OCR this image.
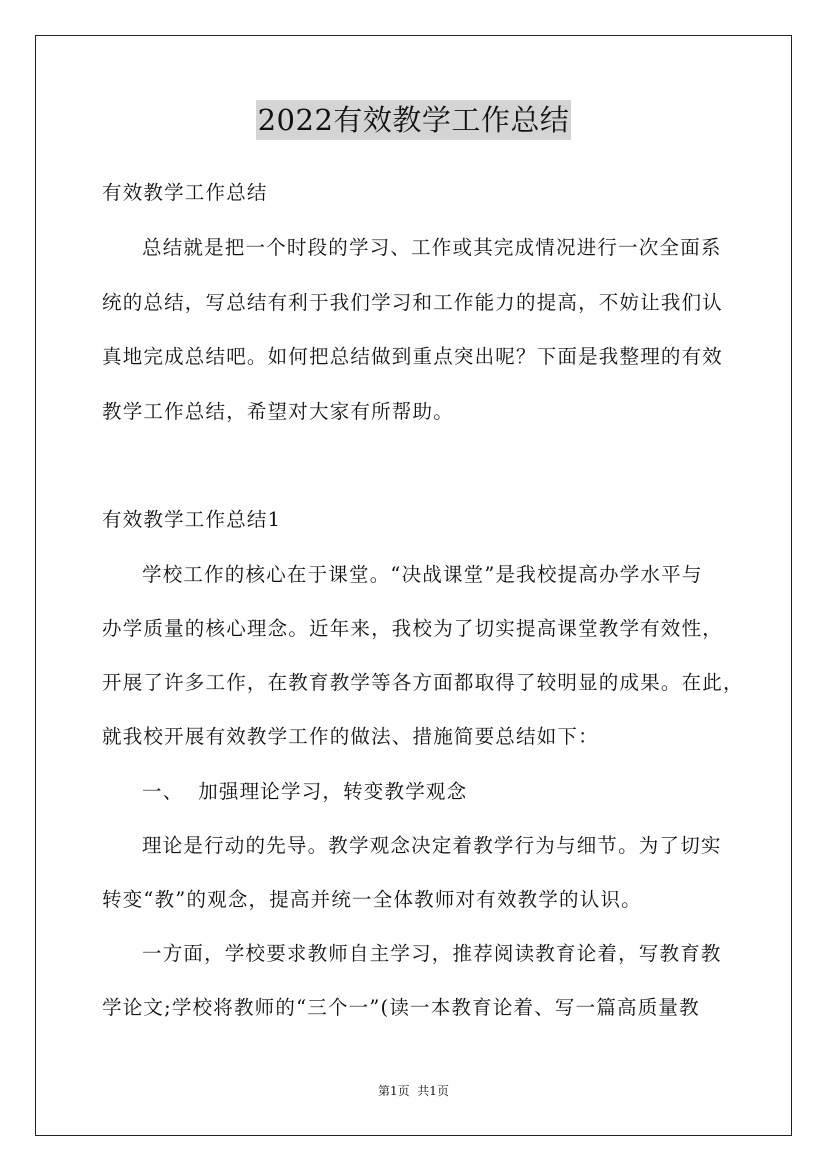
2022有效教学工作总结
有效教学工作总结
总结就是把一个时段的学习、工作或其完成情况进行一次全面系
统的总结，写总结有利于我们学习和工作能力的提高，不妨让我们认
真地完成总结吧。如何把总结做到重点突出呢？下面是我整理的有效
教学工作总结，希望对大家有所帮助。
有效教学工作总结1
学校工作的核心在于课堂。“决战课堂”是我校提高办学水平与
办学质量的核心理念。近年来，我校为了切实提高课堂教学有效性，
开展了许多工作，在教育教学等各方面都取得了较明显的成果。在此，
就我校开展有效教学工作的做法、措施简要总结如下：
一、  加强理论学习，转变教学观念
理论是行动的先导。教学观念决定着教学行为与细节。为了切实
转变“教”的观念，提高并统一全体教师对有效教学的认识。
一方面，学校要求教师自主学习，推荐阅读教育论着，写教育教
学论文;学校将教师的“三个一”(读一本教育论着、写一篇高质量教
第1页  共1页
